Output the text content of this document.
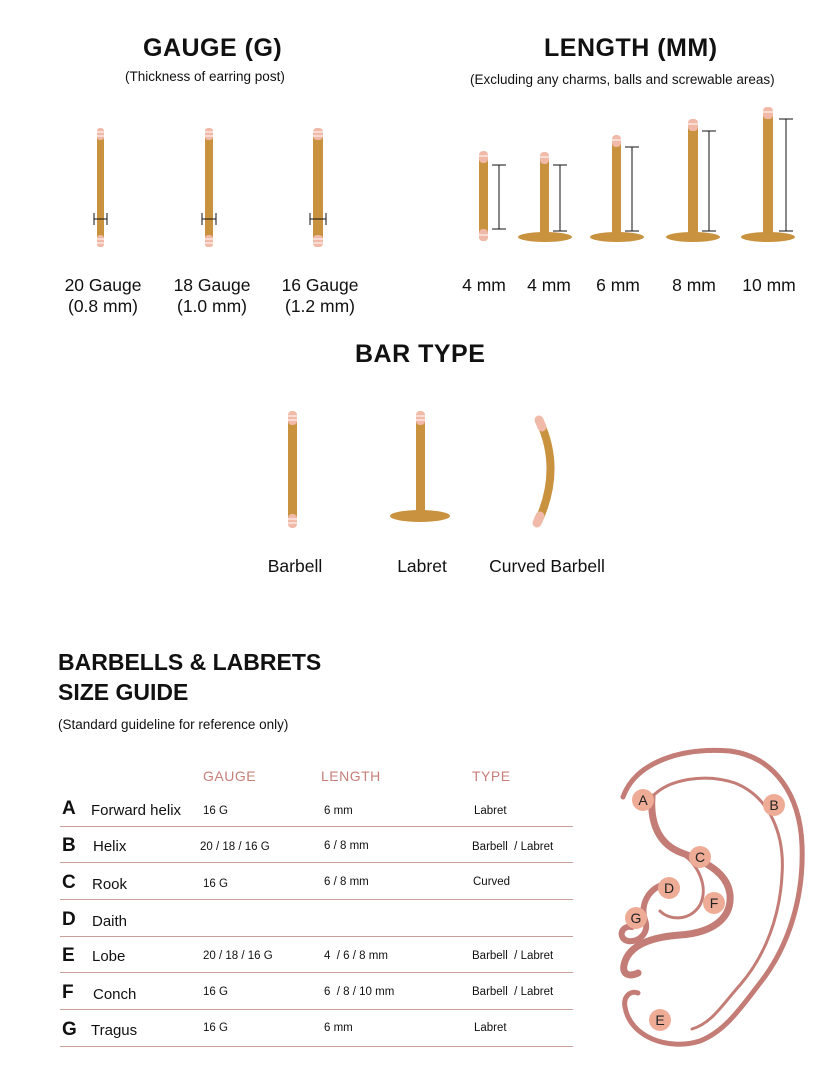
GAUGE (G)
(Thickness of earring post)
20 Gauge
(0.8 mm)
18 Gauge
(1.0 mm)
16 Gauge
(1.2 mm)
LENGTH (MM)
(Excluding any charms, balls and screwable areas)
4 mm	4 mm	6 mm	8 mm	10 mm
BAR TYPE
Barbell	Labret	Curved Barbell
BARBELLS & LABRETS
SIZE GUIDE
(Standard guideline for reference only)
GAUGE	LENGTH	TYPE
A Forward helix 16 G	6 mm	Labret
B Helix	20 / 18 / 16 G	6 / 8 mm	Barbell  / Labret
C Rook	16 G	6 / 8 mm	Curved
D Daith
E Lobe	20 / 18 / 16 G	4  / 6 / 8 mm	Barbell  / Labret
F Conch	16 G	6  / 8 / 10 mm	Barbell  / Labret
G Tragus	16 G	6 mm	Labret
A	B
C
D
E
F
G
